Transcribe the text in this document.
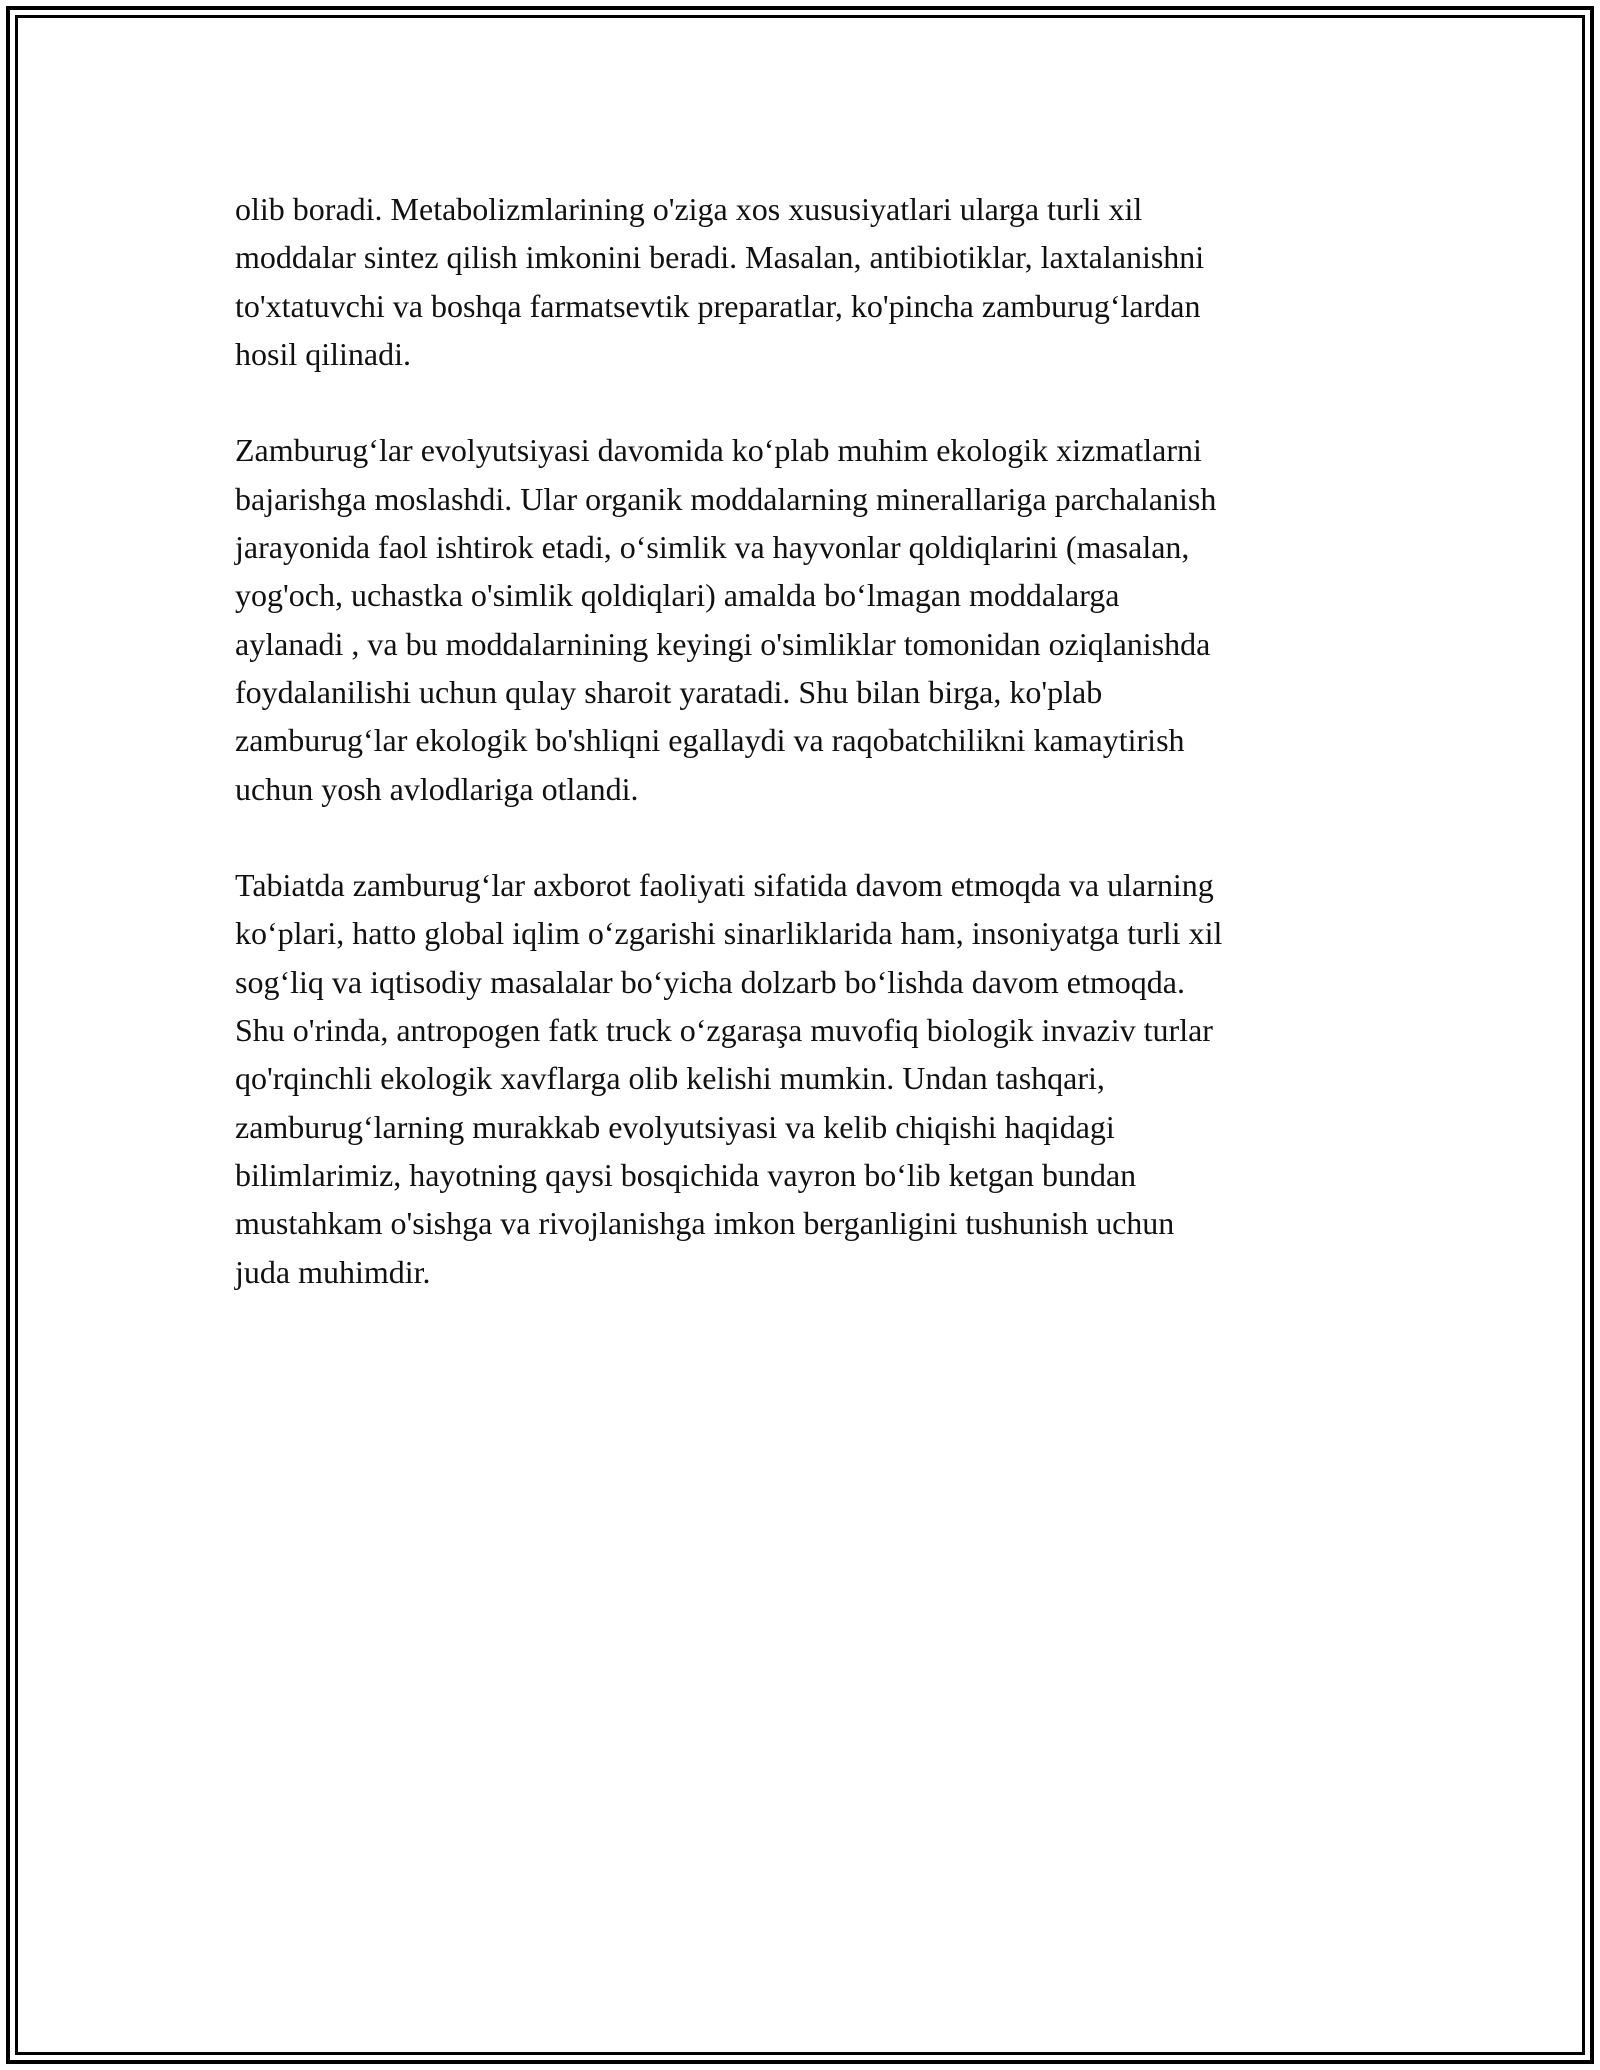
olib boradi. Metabolizmlarining o'ziga xos xususiyatlari ularga turli xil
moddalar sintez qilish imkonini beradi. Masalan, antibiotiklar, laxtalanishni
to'xtatuvchi va boshqa farmatsevtik preparatlar, ko'pincha zamburug‘lardan
hosil qilinadi.

Zamburug‘lar evolyutsiyasi davomida ko‘plab muhim ekologik xizmatlarni
bajarishga moslashdi. Ular organik moddalarning minerallariga parchalanish
jarayonida faol ishtirok etadi, o‘simlik va hayvonlar qoldiqlarini (masalan,
yog'och, uchastka o'simlik qoldiqlari) amalda bo‘lmagan moddalarga
aylanadi , va bu moddalarnining keyingi o'simliklar tomonidan oziqlanishda
foydalanilishi uchun qulay sharoit yaratadi. Shu bilan birga, ko'plab
zamburug‘lar ekologik bo'shliqni egallaydi va raqobatchilikni kamaytirish
uchun yosh avlodlariga otlandi.

Tabiatda zamburug‘lar axborot faoliyati sifatida davom etmoqda va ularning
ko‘plari, hatto global iqlim o‘zgarishi sinarliklarida ham, insoniyatga turli xil
sog‘liq va iqtisodiy masalalar bo‘yicha dolzarb bo‘lishda davom etmoqda.
Shu o'rinda, antropogen fatk truck o‘zgaraşa muvofiq biologik invaziv turlar
qo'rqinchli ekologik xavflarga olib kelishi mumkin. Undan tashqari,
zamburug‘larning murakkab evolyutsiyasi va kelib chiqishi haqidagi
bilimlarimiz, hayotning qaysi bosqichida vayron bo‘lib ketgan bundan
mustahkam o'sishga va rivojlanishga imkon berganligini tushunish uchun
juda muhimdir.
